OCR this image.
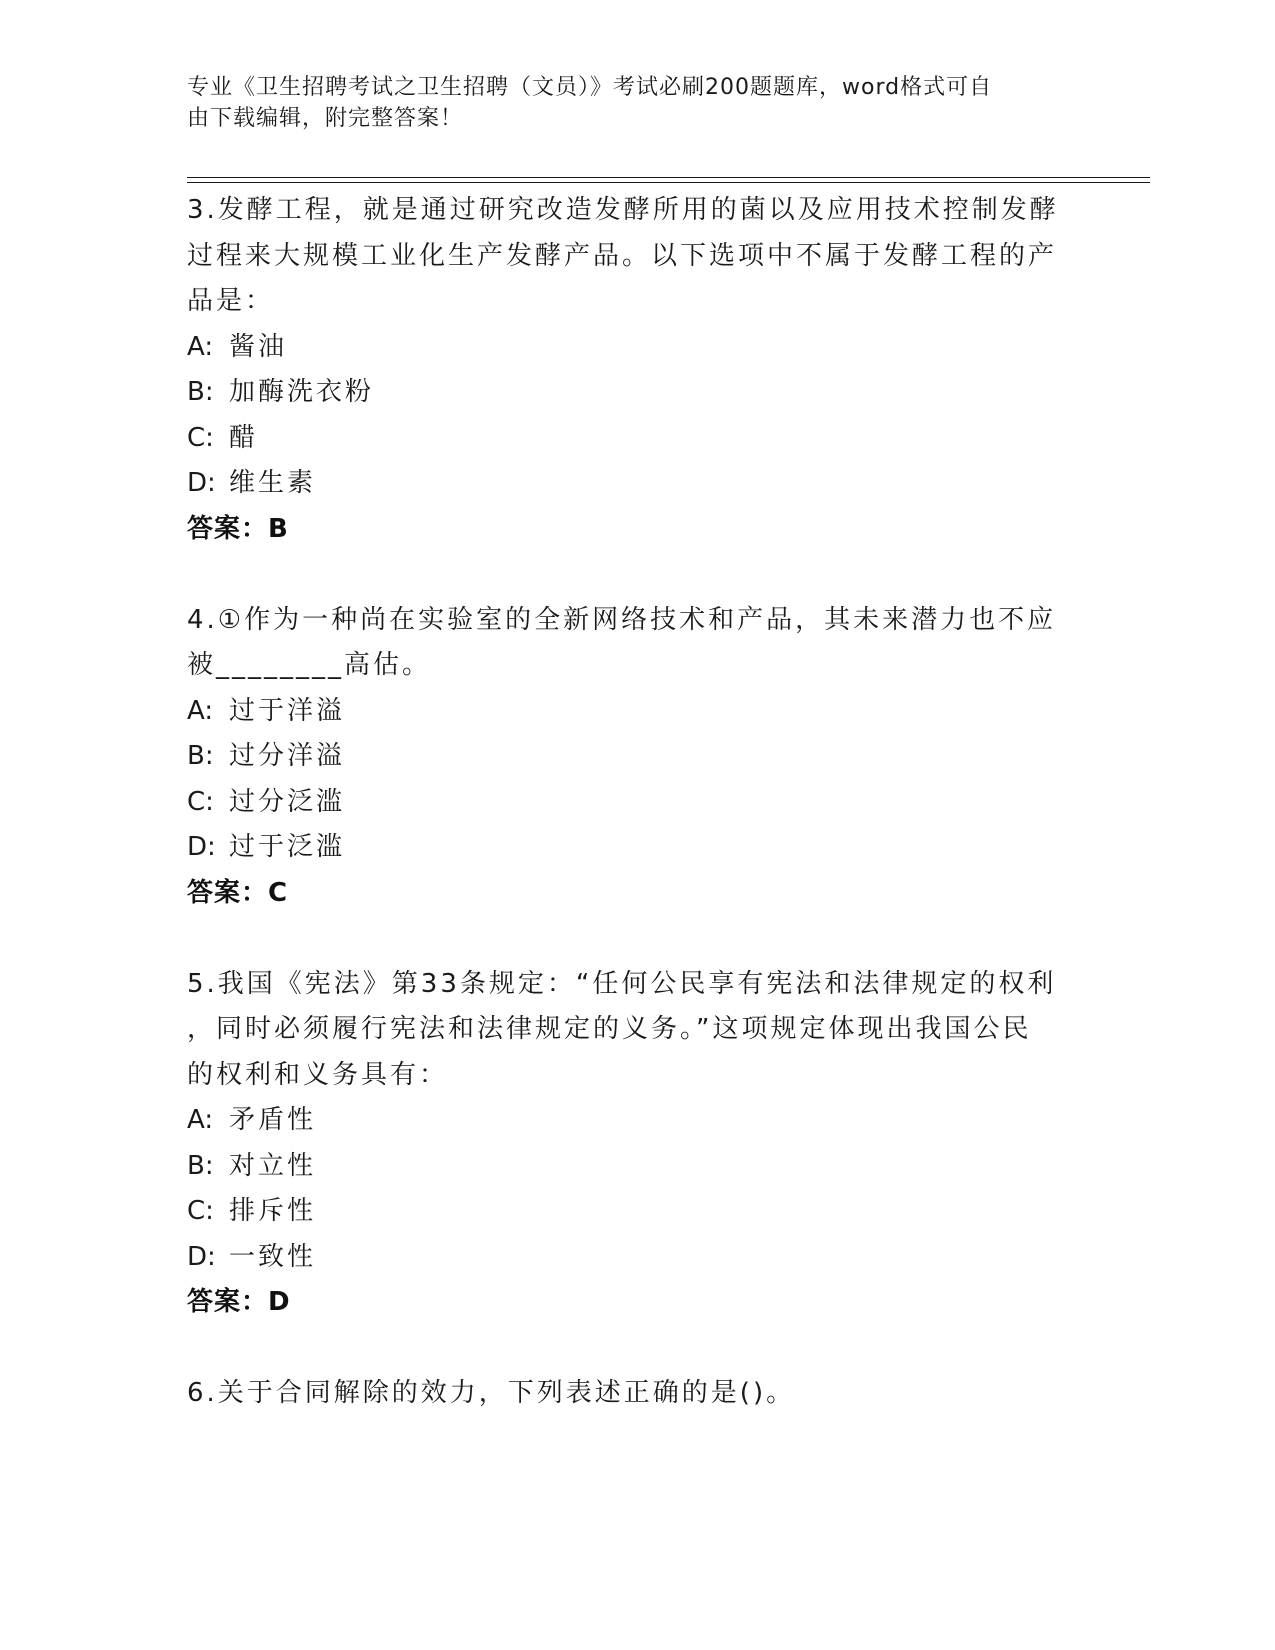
专业《卫生招聘考试之卫生招聘（文员）》考试必刷200题题库，word格式可自
由下载编辑，附完整答案！
3.发酵工程，就是通过研究改造发酵所用的菌以及应用技术控制发酵
过程来大规模工业化生产发酵产品。以下选项中不属于发酵工程的产
品是：
A: 酱油
B: 加酶洗衣粉
C: 醋
D: 维生素
答案：B
4.①作为一种尚在实验室的全新网络技术和产品，其未来潜力也不应
被________高估。
A: 过于洋溢
B: 过分洋溢
C: 过分泛滥
D: 过于泛滥
答案：C
5.我国《宪法》第33条规定：“任何公民享有宪法和法律规定的权利
，同时必须履行宪法和法律规定的义务。”这项规定体现出我国公民
的权利和义务具有：
A: 矛盾性
B: 对立性
C: 排斥性
D: 一致性
答案：D
6.关于合同解除的效力，下列表述正确的是()。
